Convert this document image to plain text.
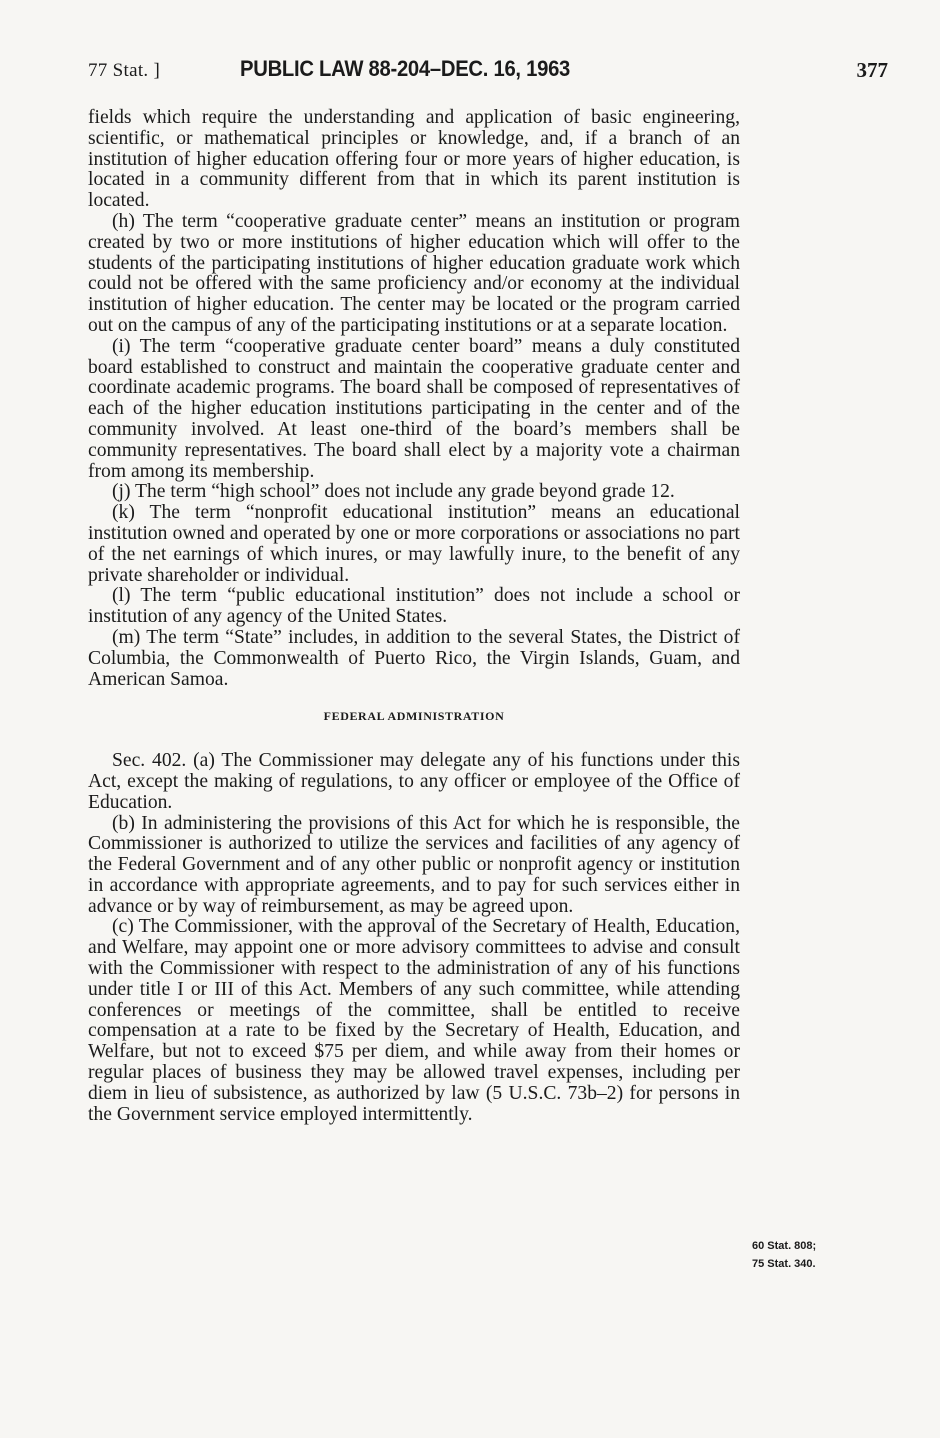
77 Stat. ]	PUBLIC LAW 88-204–DEC. 16, 1963	377

fields which require the understanding and application of basic engineering, scientific, or mathematical principles or knowledge, and, if a branch of an institution of higher education offering four or more years of higher education, is located in a community different from that in which its parent institution is located.

(h) The term “cooperative graduate center” means an institution or program created by two or more institutions of higher education which will offer to the students of the participating institutions of higher education graduate work which could not be offered with the same proficiency and/or economy at the individual institution of higher education. The center may be located or the program carried out on the campus of any of the participating institutions or at a separate location.

(i) The term “cooperative graduate center board” means a duly constituted board established to construct and maintain the cooperative graduate center and coordinate academic programs. The board shall be composed of representatives of each of the higher education institutions participating in the center and of the community involved. At least one-third of the board’s members shall be community representatives. The board shall elect by a majority vote a chairman from among its membership.

(j) The term “high school” does not include any grade beyond grade 12.

(k) The term “nonprofit educational institution” means an educational institution owned and operated by one or more corporations or associations no part of the net earnings of which inures, or may lawfully inure, to the benefit of any private shareholder or individual.

(l) The term “public educational institution” does not include a school or institution of any agency of the United States.

(m) The term “State” includes, in addition to the several States, the District of Columbia, the Commonwealth of Puerto Rico, the Virgin Islands, Guam, and American Samoa.

FEDERAL ADMINISTRATION

Sec. 402. (a) The Commissioner may delegate any of his functions under this Act, except the making of regulations, to any officer or employee of the Office of Education.

(b) In administering the provisions of this Act for which he is responsible, the Commissioner is authorized to utilize the services and facilities of any agency of the Federal Government and of any other public or nonprofit agency or institution in accordance with appropriate agreements, and to pay for such services either in advance or by way of reimbursement, as may be agreed upon.

(c) The Commissioner, with the approval of the Secretary of Health, Education, and Welfare, may appoint one or more advisory committees to advise and consult with the Commissioner with respect to the administration of any of his functions under title I or III of this Act. Members of any such committee, while attending conferences or meetings of the committee, shall be entitled to receive compensation at a rate to be fixed by the Secretary of Health, Education, and Welfare, but not to exceed $75 per diem, and while away from their homes or regular places of business they may be allowed travel expenses, including per diem in lieu of subsistence, as authorized by law (5 U.S.C. 73b–2) for persons in the Government service employed intermittently.

60 Stat. 808;
75 Stat. 340.
